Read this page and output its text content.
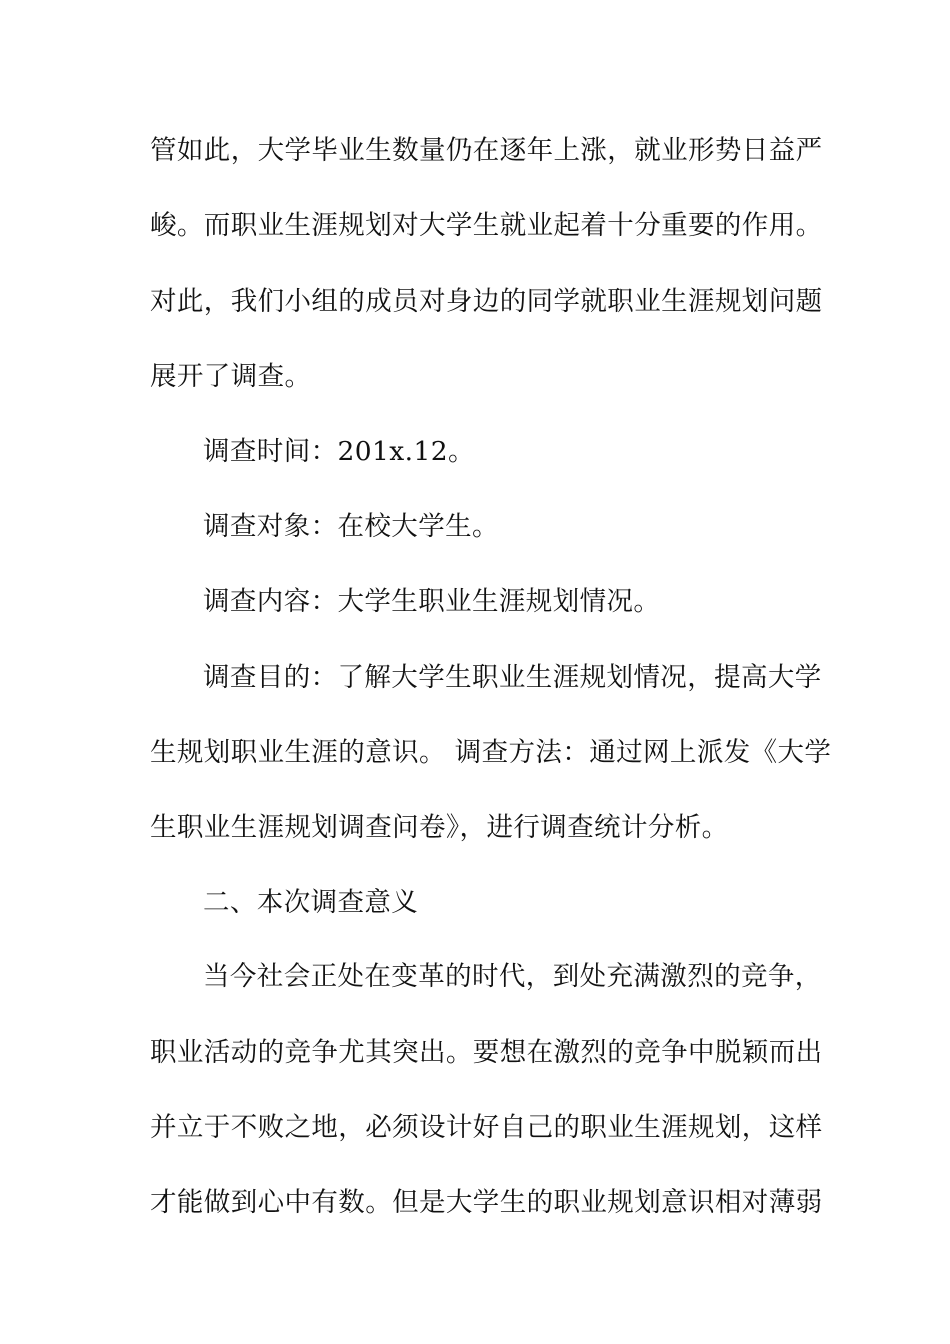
管如此，大学毕业生数量仍在逐年上涨，就业形势日益严
峻。而职业生涯规划对大学生就业起着十分重要的作用。
对此，我们小组的成员对身边的同学就职业生涯规划问题
展开了调查。
调查时间：201x.12。
调查对象：在校大学生。
调查内容：大学生职业生涯规划情况。
调查目的：了解大学生职业生涯规划情况，提高大学
生规划职业生涯的意识。 调查方法：通过网上派发《大学
生职业生涯规划调查问卷》，进行调查统计分析。
二、本次调查意义
当今社会正处在变革的时代，到处充满激烈的竞争，
职业活动的竞争尤其突出。要想在激烈的竞争中脱颖而出
并立于不败之地，必须设计好自己的职业生涯规划，这样
才能做到心中有数。但是大学生的职业规划意识相对薄弱
